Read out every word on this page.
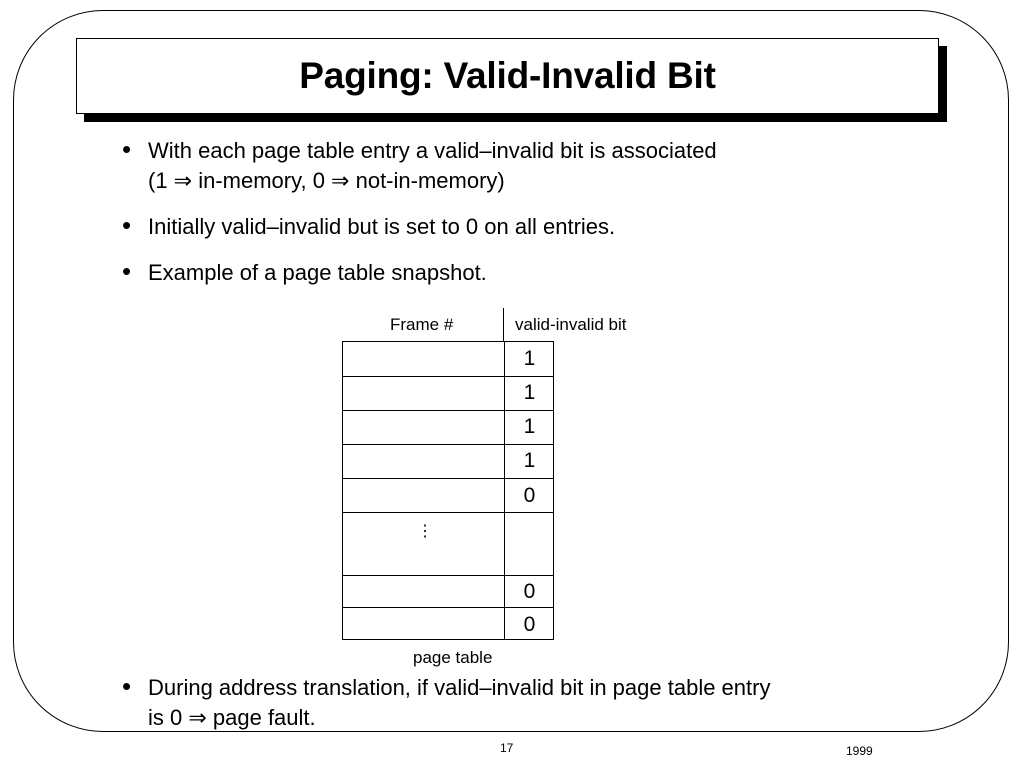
Paging: Valid-Invalid Bit
• With each page table entry a valid–invalid bit is associated
(1 ⇒ in-memory, 0 ⇒ not-in-memory)
• Initially valid–invalid but is set to 0 on all entries.
• Example of a page table snapshot.
Frame #	valid-invalid bit
1
1
1
1
0
0
0
⋮
page table
• During address translation, if valid–invalid bit in page table entry
is 0 ⇒ page fault.
17	1999
